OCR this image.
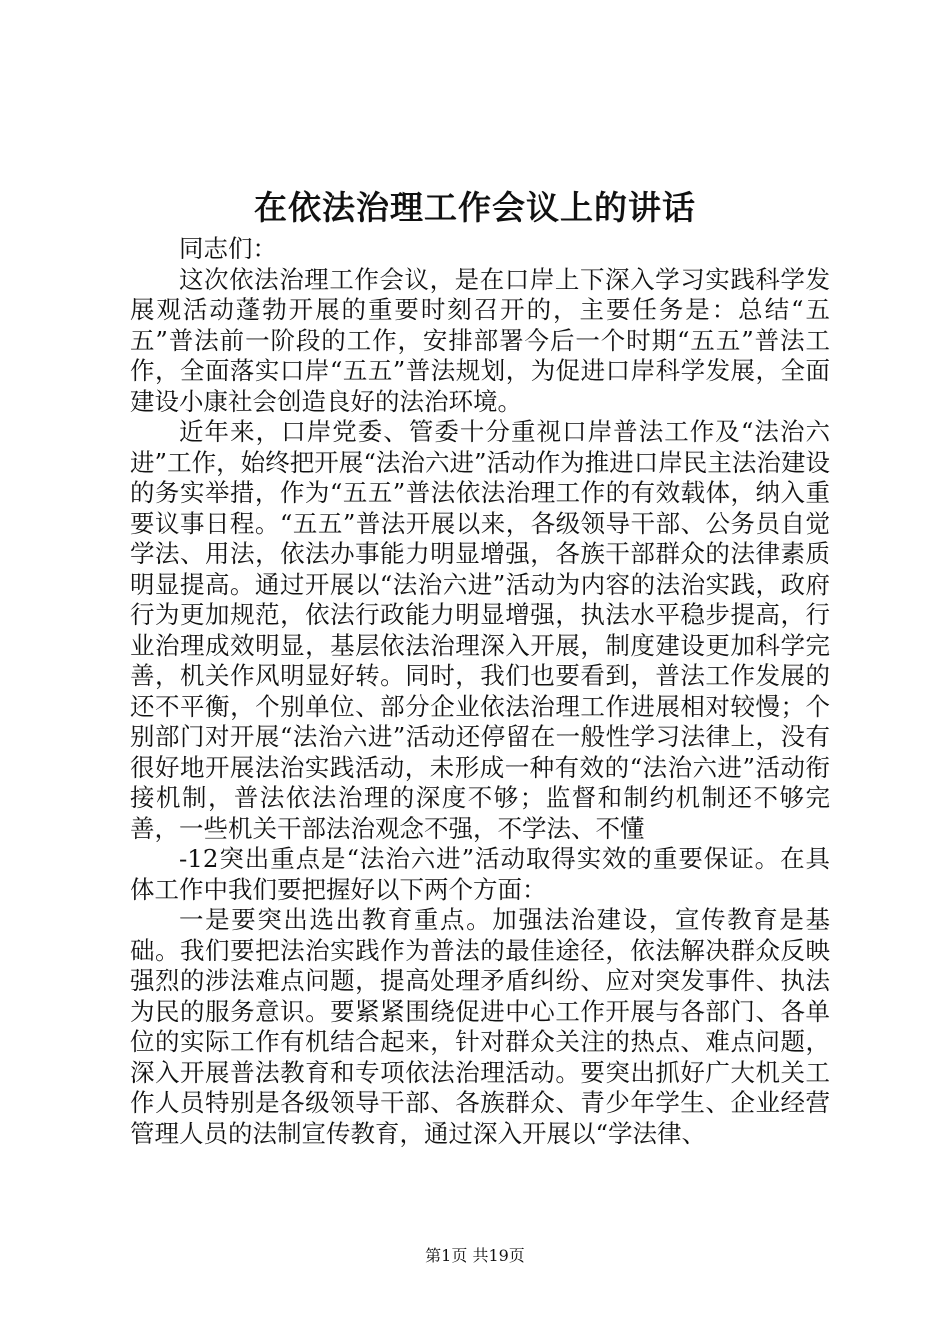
在依法治理工作会议上的讲话

同志们：

这次依法治理工作会议，是在口岸上下深入学习实践科学发展观活动蓬勃开展的重要时刻召开的，主要任务是：总结“五五”普法前一阶段的工作，安排部署今后一个时期“五五”普法工作，全面落实口岸“五五”普法规划，为促进口岸科学发展，全面建设小康社会创造良好的法治环境。

近年来，口岸党委、管委十分重视口岸普法工作及“法治六进”工作，始终把开展“法治六进”活动作为推进口岸民主法治建设的务实举措，作为“五五”普法依法治理工作的有效载体，纳入重要议事日程。“五五”普法开展以来，各级领导干部、公务员自觉学法、用法，依法办事能力明显增强，各族干部群众的法律素质明显提高。通过开展以“法治六进”活动为内容的法治实践，政府行为更加规范，依法行政能力明显增强，执法水平稳步提高，行业治理成效明显，基层依法治理深入开展，制度建设更加科学完善，机关作风明显好转。同时，我们也要看到，普法工作发展的还不平衡，个别单位、部分企业依法治理工作进展相对较慢；个别部门对开展“法治六进”活动还停留在一般性学习法律上，没有很好地开展法治实践活动，未形成一种有效的“法治六进”活动衔接机制，普法依法治理的深度不够；监督和制约机制还不够完善，一些机关干部法治观念不强，不学法、不懂

-12突出重点是“法治六进”活动取得实效的重要保证。在具体工作中我们要把握好以下两个方面：

一是要突出选出教育重点。加强法治建设，宣传教育是基础。我们要把法治实践作为普法的最佳途径，依法解决群众反映强烈的涉法难点问题，提高处理矛盾纠纷、应对突发事件、执法为民的服务意识。要紧紧围绕促进中心工作开展与各部门、各单位的实际工作有机结合起来，针对群众关注的热点、难点问题，深入开展普法教育和专项依法治理活动。要突出抓好广大机关工作人员特别是各级领导干部、各族群众、青少年学生、企业经营管理人员的法制宣传教育，通过深入开展以“学法律、

第1页 共19页
